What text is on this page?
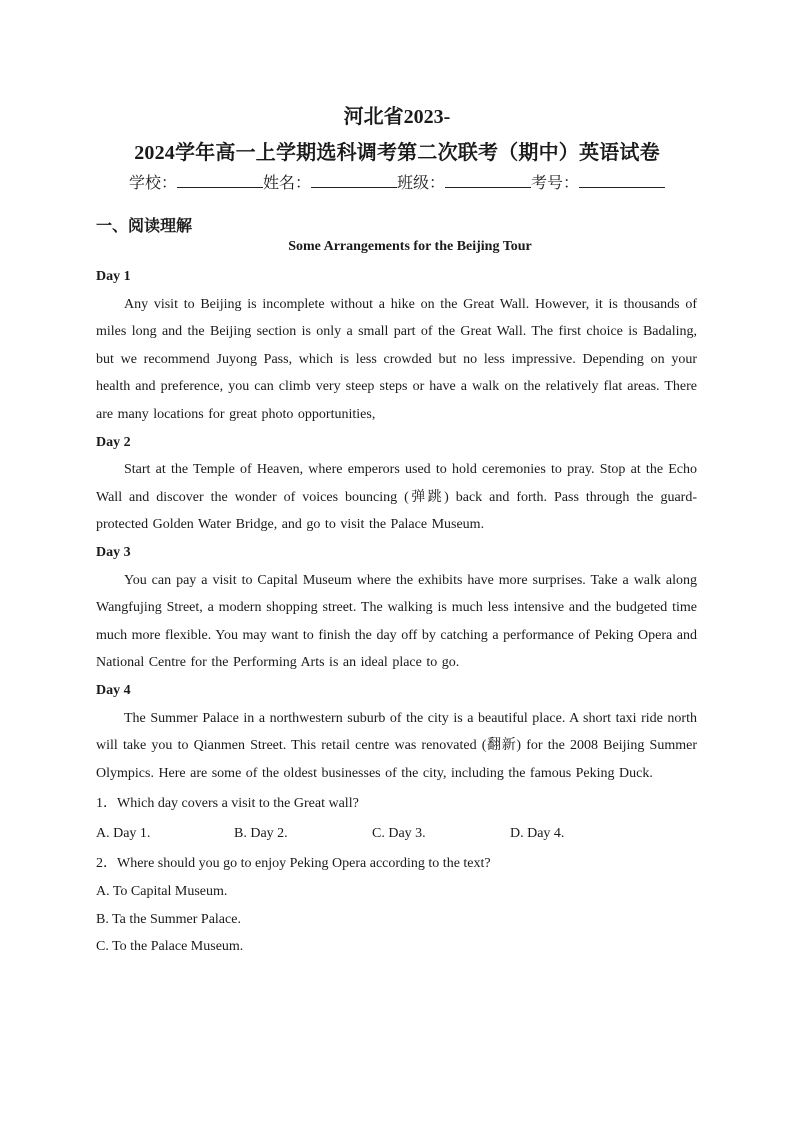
河北省2023-
2024学年高一上学期选科调考第二次联考（期中）英语试卷
学校：	姓名：	班级：	考号：
一、阅读理解
Some Arrangements for the Beijing Tour

Day 1

Any visit to Beijing is incomplete without a hike on the Great Wall. However, it is thousands of miles long and the Beijing section is only a small part of the Great Wall. The first choice is Badaling, but we recommend Juyong Pass, which is less crowded but no less impressive. Depending on your health and preference, you can climb very steep steps or have a walk on the relatively flat areas. There are many locations for great photo opportunities,

Day 2

Start at the Temple of Heaven, where emperors used to hold ceremonies to pray. Stop at the Echo Wall and discover the wonder of voices bouncing (弹跳) back and forth. Pass through the guard-protected Golden Water Bridge, and go to visit the Palace Museum.

Day 3

You can pay a visit to Capital Museum where the exhibits have more surprises. Take a walk along Wangfujing Street, a modern shopping street. The walking is much less intensive and the budgeted time much more flexible. You may want to finish the day off by catching a performance of Peking Opera and National Centre for the Performing Arts is an ideal place to go.

Day 4

The Summer Palace in a northwestern suburb of the city is a beautiful place. A short taxi ride north will take you to Qianmen Street. This retail centre was renovated (翻新) for the 2008 Beijing Summer Olympics. Here are some of the oldest businesses of the city, including the famous Peking Duck.

1．Which day covers a visit to the Great wall?

A. Day 1.	B. Day 2.	C. Day 3.	D. Day 4.

2．Where should you go to enjoy Peking Opera according to the text?

A. To Capital Museum.

B. Ta the Summer Palace.

C. To the Palace Museum.
